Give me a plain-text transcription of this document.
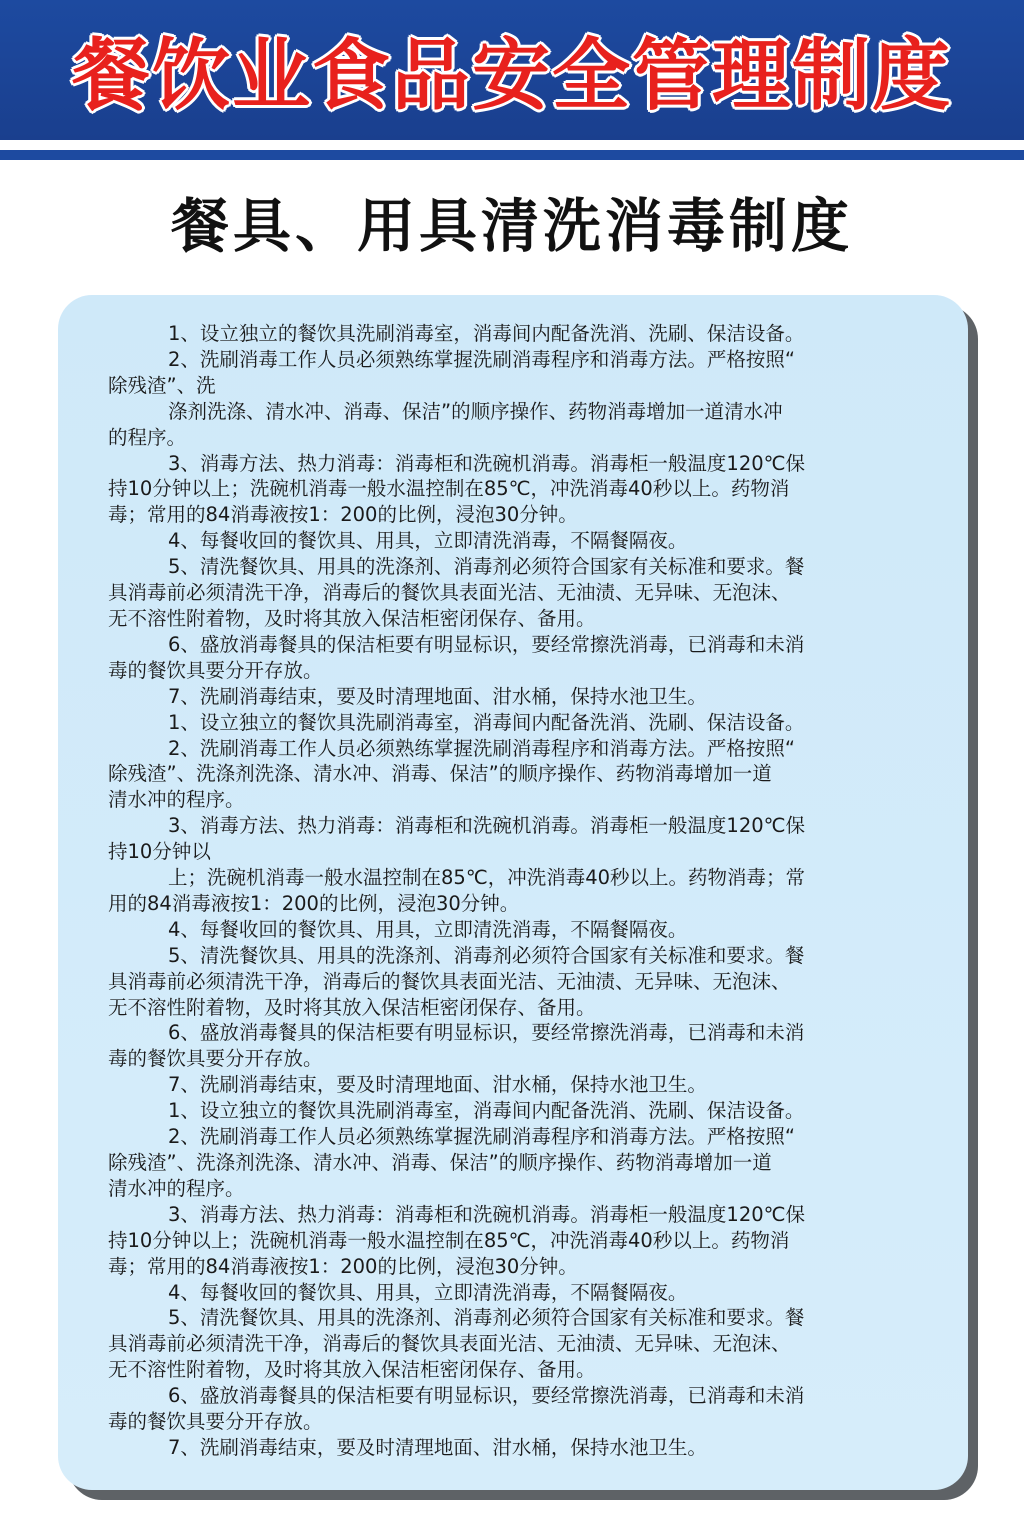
餐饮业食品安全管理制度
餐具、用具清洗消毒制度

1、设立独立的餐饮具洗刷消毒室，消毒间内配备洗消、洗刷、保洁设备。

2、洗刷消毒工作人员必须熟练掌握洗刷消毒程序和消毒方法。严格按照“

除残渣”、洗

涤剂洗涤、清水冲、消毒、保洁”的顺序操作、药物消毒增加一道清水冲

的程序。

3、消毒方法、热力消毒：消毒柜和洗碗机消毒。消毒柜一般温度120℃保

持10分钟以上；洗碗机消毒一般水温控制在85℃，冲洗消毒40秒以上。药物消

毒；常用的84消毒液按1：200的比例，浸泡30分钟。

4、每餐收回的餐饮具、用具，立即清洗消毒，不隔餐隔夜。

5、清洗餐饮具、用具的洗涤剂、消毒剂必须符合国家有关标准和要求。餐

具消毒前必须清洗干净，消毒后的餐饮具表面光洁、无油渍、无异味、无泡沫、

无不溶性附着物，及时将其放入保洁柜密闭保存、备用。

6、盛放消毒餐具的保洁柜要有明显标识，要经常擦洗消毒，已消毒和未消

毒的餐饮具要分开存放。

7、洗刷消毒结束，要及时清理地面、泔水桶，保持水池卫生。

1、设立独立的餐饮具洗刷消毒室，消毒间内配备洗消、洗刷、保洁设备。

2、洗刷消毒工作人员必须熟练掌握洗刷消毒程序和消毒方法。严格按照“

除残渣”、洗涤剂洗涤、清水冲、消毒、保洁”的顺序操作、药物消毒增加一道

清水冲的程序。

3、消毒方法、热力消毒：消毒柜和洗碗机消毒。消毒柜一般温度120℃保

持10分钟以

上；洗碗机消毒一般水温控制在85℃，冲洗消毒40秒以上。药物消毒；常

用的84消毒液按1：200的比例，浸泡30分钟。

4、每餐收回的餐饮具、用具，立即清洗消毒，不隔餐隔夜。

5、清洗餐饮具、用具的洗涤剂、消毒剂必须符合国家有关标准和要求。餐

具消毒前必须清洗干净，消毒后的餐饮具表面光洁、无油渍、无异味、无泡沫、

无不溶性附着物，及时将其放入保洁柜密闭保存、备用。

6、盛放消毒餐具的保洁柜要有明显标识，要经常擦洗消毒，已消毒和未消

毒的餐饮具要分开存放。

7、洗刷消毒结束，要及时清理地面、泔水桶，保持水池卫生。

1、设立独立的餐饮具洗刷消毒室，消毒间内配备洗消、洗刷、保洁设备。

2、洗刷消毒工作人员必须熟练掌握洗刷消毒程序和消毒方法。严格按照“

除残渣”、洗涤剂洗涤、清水冲、消毒、保洁”的顺序操作、药物消毒增加一道

清水冲的程序。

3、消毒方法、热力消毒：消毒柜和洗碗机消毒。消毒柜一般温度120℃保

持10分钟以上；洗碗机消毒一般水温控制在85℃，冲洗消毒40秒以上。药物消

毒；常用的84消毒液按1：200的比例，浸泡30分钟。

4、每餐收回的餐饮具、用具，立即清洗消毒，不隔餐隔夜。

5、清洗餐饮具、用具的洗涤剂、消毒剂必须符合国家有关标准和要求。餐

具消毒前必须清洗干净，消毒后的餐饮具表面光洁、无油渍、无异味、无泡沫、

无不溶性附着物，及时将其放入保洁柜密闭保存、备用。

6、盛放消毒餐具的保洁柜要有明显标识，要经常擦洗消毒，已消毒和未消

毒的餐饮具要分开存放。

7、洗刷消毒结束，要及时清理地面、泔水桶，保持水池卫生。
